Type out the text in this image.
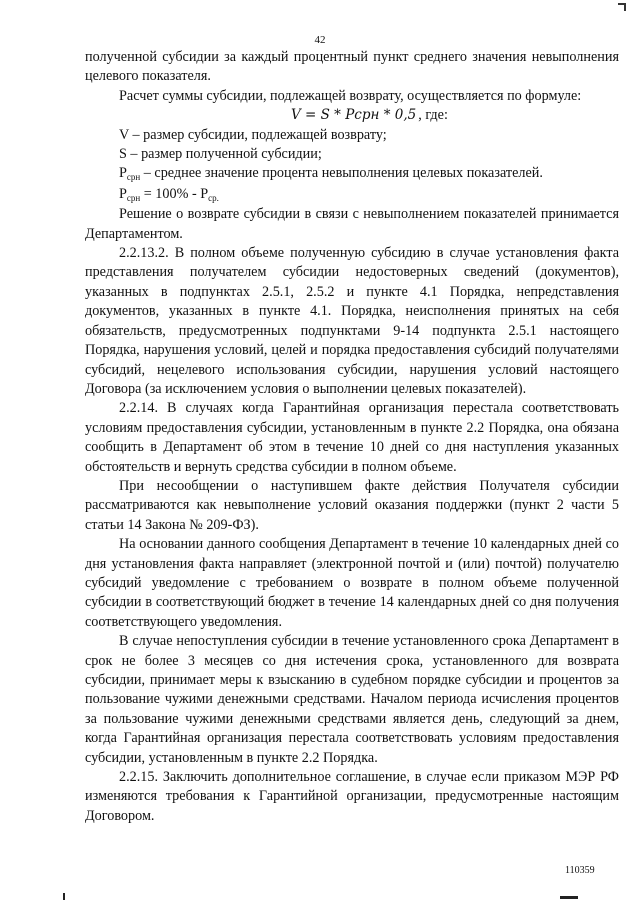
42

полученной субсидии за каждый процентный пункт среднего значения невыполнения целевого показателя.

Расчет суммы субсидии, подлежащей возврату, осуществляется по формуле:

V = S * Рсрн * 0,5 , где:

V – размер субсидии, подлежащей возврату;

S – размер полученной субсидии;

$Р_{срн}$ – среднее значение процента невыполнения целевых показателей.

$Р_{срн} = 100\% - Р_{ср.}$

Решение о возврате субсидии в связи с невыполнением показателей принимается Департаментом.

2.2.13.2. В полном объеме полученную субсидию в случае установления факта представления получателем субсидии недостоверных сведений (документов), указанных в подпунктах 2.5.1, 2.5.2 и пункте 4.1 Порядка, непредставления документов, указанных в пункте 4.1. Порядка, неисполнения принятых на себя обязательств, предусмотренных подпунктами 9-14 подпункта 2.5.1 настоящего Порядка, нарушения условий, целей и порядка предоставления субсидий получателями субсидий, нецелевого использования субсидии, нарушения условий настоящего Договора (за исключением условия о выполнении целевых показателей).

2.2.14. В случаях когда Гарантийная организация перестала соответствовать условиям предоставления субсидии, установленным в пункте 2.2 Порядка, она обязана сообщить в Департамент об этом в течение 10 дней со дня наступления указанных обстоятельств и вернуть средства субсидии в полном объеме.

При несообщении о наступившем факте действия Получателя субсидии рассматриваются как невыполнение условий оказания поддержки (пункт 2 части 5 статьи 14 Закона № 209-ФЗ).

На основании данного сообщения Департамент в течение 10 календарных дней со дня установления факта направляет (электронной почтой и (или) почтой) получателю субсидий уведомление с требованием о возврате в полном объеме полученной субсидии в соответствующий бюджет в течение 14 календарных дней со дня получения соответствующего уведомления.

В случае непоступления субсидии в течение установленного срока Департамент в срок не более 3 месяцев со дня истечения срока, установленного для возврата субсидии, принимает меры к взысканию в судебном порядке субсидии и процентов за пользование чужими денежными средствами. Началом периода исчисления процентов за пользование чужими денежными средствами является день, следующий за днем, когда Гарантийная организация перестала соответствовать условиям предоставления субсидии, установленным в пункте 2.2 Порядка.

2.2.15. Заключить дополнительное соглашение, в случае если приказом МЭР РФ изменяются требования к Гарантийной организации, предусмотренные настоящим Договором.

110359
